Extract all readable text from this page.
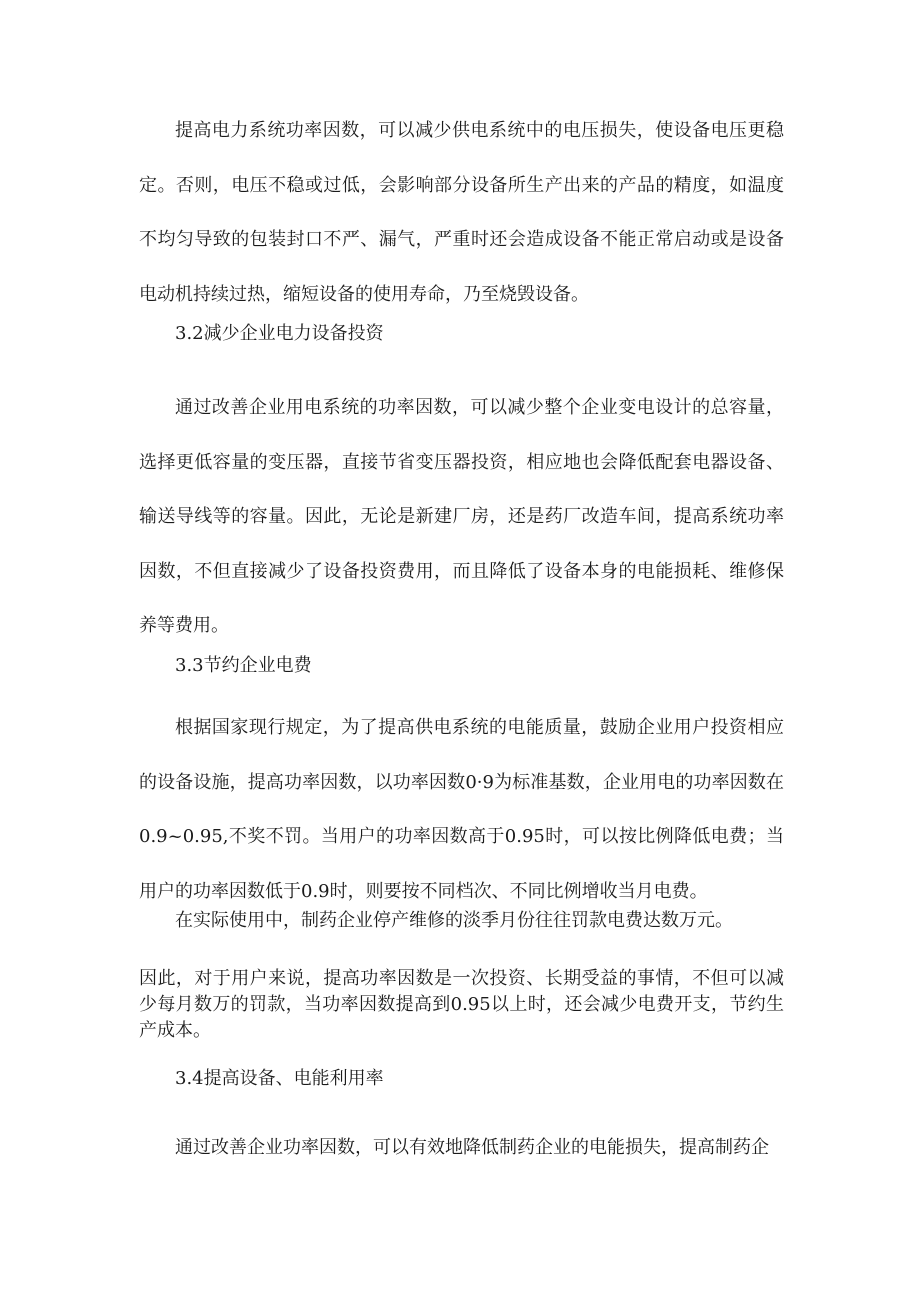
提高电力系统功率因数，可以减少供电系统中的电压损失，使设备电压更稳定。否则，电压不稳或过低，会影响部分设备所生产出来的产品的精度，如温度不均匀导致的包装封口不严、漏气，严重时还会造成设备不能正常启动或是设备电动机持续过热，缩短设备的使用寿命，乃至烧毁设备。

3.2减少企业电力设备投资

通过改善企业用电系统的功率因数，可以减少整个企业变电设计的总容量，选择更低容量的变压器，直接节省变压器投资，相应地也会降低配套电器设备、输送导线等的容量。因此，无论是新建厂房，还是药厂改造车间，提高系统功率因数，不但直接减少了设备投资费用，而且降低了设备本身的电能损耗、维修保养等费用。

3.3节约企业电费

根据国家现行规定，为了提高供电系统的电能质量，鼓励企业用户投资相应的设备设施，提高功率因数，以功率因数0·9为标准基数，企业用电的功率因数在0.9~0.95,不奖不罚。当用户的功率因数高于0.95时，可以按比例降低电费；当用户的功率因数低于0.9时，则要按不同档次、不同比例增收当月电费。

在实际使用中，制药企业停产维修的淡季月份往往罚款电费达数万元。

因此，对于用户来说，提高功率因数是一次投资、长期受益的事情，不但可以减少每月数万的罚款，当功率因数提高到0.95以上时，还会减少电费开支，节约生产成本。

3.4提高设备、电能利用率

通过改善企业功率因数，可以有效地降低制药企业的电能损失，提高制药企
